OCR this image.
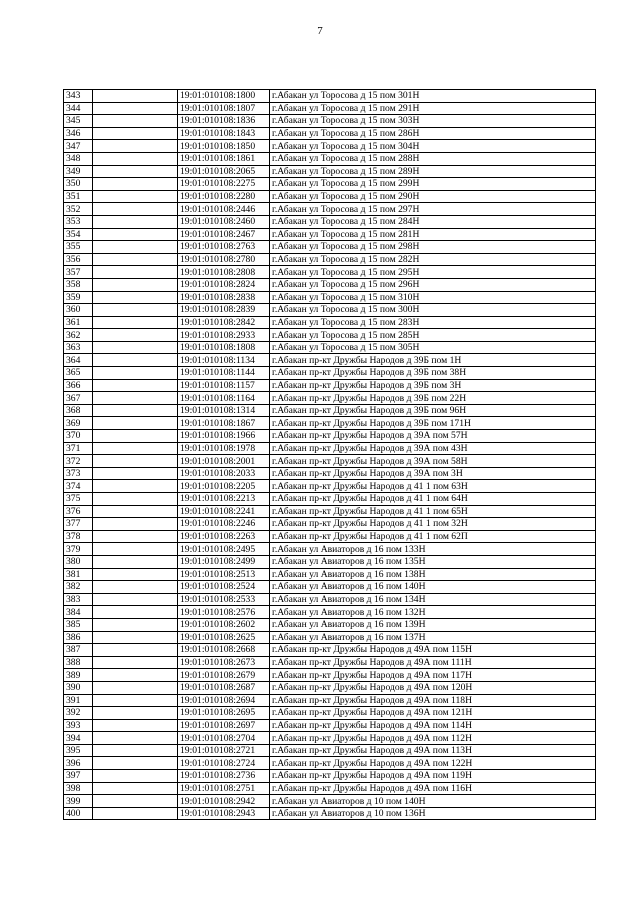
7
343		19:01:010108:1800	г.Абакан ул Торосова д 15 пом 301Н
344		19:01:010108:1807	г.Абакан ул Торосова д 15 пом 291Н
345		19:01:010108:1836	г.Абакан ул Торосова д 15 пом 303Н
346		19:01:010108:1843	г.Абакан ул Торосова д 15 пом 286Н
347		19:01:010108:1850	г.Абакан ул Торосова д 15 пом 304Н
348		19:01:010108:1861	г.Абакан ул Торосова д 15 пом 288Н
349		19:01:010108:2065	г.Абакан ул Торосова д 15 пом 289Н
350		19:01:010108:2275	г.Абакан ул Торосова д 15 пом 299Н
351		19:01:010108:2280	г.Абакан ул Торосова д 15 пом 290Н
352		19:01:010108:2446	г.Абакан ул Торосова д 15 пом 297Н
353		19:01:010108:2460	г.Абакан ул Торосова д 15 пом 284Н
354		19:01:010108:2467	г.Абакан ул Торосова д 15 пом 281Н
355		19:01:010108:2763	г.Абакан ул Торосова д 15 пом 298Н
356		19:01:010108:2780	г.Абакан ул Торосова д 15 пом 282Н
357		19:01:010108:2808	г.Абакан ул Торосова д 15 пом 295Н
358		19:01:010108:2824	г.Абакан ул Торосова д 15 пом 296Н
359		19:01:010108:2838	г.Абакан ул Торосова д 15 пом 310Н
360		19:01:010108:2839	г.Абакан ул Торосова д 15 пом 300Н
361		19:01:010108:2842	г.Абакан ул Торосова д 15 пом 283Н
362		19:01:010108:2933	г.Абакан ул Торосова д 15 пом 285Н
363		19:01:010108:1808	г.Абакан ул Торосова д 15 пом 305Н
364		19:01:010108:1134	г.Абакан пр-кт Дружбы Народов д 39Б пом 1Н
365		19:01:010108:1144	г.Абакан пр-кт Дружбы Народов д 39Б пом 38Н
366		19:01:010108:1157	г.Абакан пр-кт Дружбы Народов д 39Б пом 3Н
367		19:01:010108:1164	г.Абакан пр-кт Дружбы Народов д 39Б пом 22Н
368		19:01:010108:1314	г.Абакан пр-кт Дружбы Народов д 39Б пом 96Н
369		19:01:010108:1867	г.Абакан пр-кт Дружбы Народов д 39Б пом 171Н
370		19:01:010108:1966	г.Абакан пр-кт Дружбы Народов д 39А пом 57Н
371		19:01:010108:1978	г.Абакан пр-кт Дружбы Народов д 39А пом 43Н
372		19:01:010108:2001	г.Абакан пр-кт Дружбы Народов д 39А пом 58Н
373		19:01:010108:2033	г.Абакан пр-кт Дружбы Народов д 39А пом 3Н
374		19:01:010108:2205	г.Абакан пр-кт Дружбы Народов д 41 1 пом 63Н
375		19:01:010108:2213	г.Абакан пр-кт Дружбы Народов д 41 1 пом 64Н
376		19:01:010108:2241	г.Абакан пр-кт Дружбы Народов д 41 1 пом 65Н
377		19:01:010108:2246	г.Абакан пр-кт Дружбы Народов д 41 1 пом 32Н
378		19:01:010108:2263	г.Абакан пр-кт Дружбы Народов д 41 1 пом 62П
379		19:01:010108:2495	г.Абакан ул Авиаторов д 16 пом 133Н
380		19:01:010108:2499	г.Абакан ул Авиаторов д 16 пом 135Н
381		19:01:010108:2513	г.Абакан ул Авиаторов д 16 пом 138Н
382		19:01:010108:2524	г.Абакан ул Авиаторов д 16 пом 140Н
383		19:01:010108:2533	г.Абакан ул Авиаторов д 16 пом 134Н
384		19:01:010108:2576	г.Абакан ул Авиаторов д 16 пом 132Н
385		19:01:010108:2602	г.Абакан ул Авиаторов д 16 пом 139Н
386		19:01:010108:2625	г.Абакан ул Авиаторов д 16 пом 137Н
387		19:01:010108:2668	г.Абакан пр-кт Дружбы Народов д 49А пом 115Н
388		19:01:010108:2673	г.Абакан пр-кт Дружбы Народов д 49А пом 111Н
389		19:01:010108:2679	г.Абакан пр-кт Дружбы Народов д 49А пом 117Н
390		19:01:010108:2687	г.Абакан пр-кт Дружбы Народов д 49А пом 120Н
391		19:01:010108:2694	г.Абакан пр-кт Дружбы Народов д 49А пом 118Н
392		19:01:010108:2695	г.Абакан пр-кт Дружбы Народов д 49А пом 121Н
393		19:01:010108:2697	г.Абакан пр-кт Дружбы Народов д 49А пом 114Н
394		19:01:010108:2704	г.Абакан пр-кт Дружбы Народов д 49А пом 112Н
395		19:01:010108:2721	г.Абакан пр-кт Дружбы Народов д 49А пом 113Н
396		19:01:010108:2724	г.Абакан пр-кт Дружбы Народов д 49А пом 122Н
397		19:01:010108:2736	г.Абакан пр-кт Дружбы Народов д 49А пом 119Н
398		19:01:010108:2751	г.Абакан пр-кт Дружбы Народов д 49А пом 116Н
399		19:01:010108:2942	г.Абакан ул Авиаторов д 10 пом 140Н
400		19:01:010108:2943	г.Абакан ул Авиаторов д 10 пом 136Н
